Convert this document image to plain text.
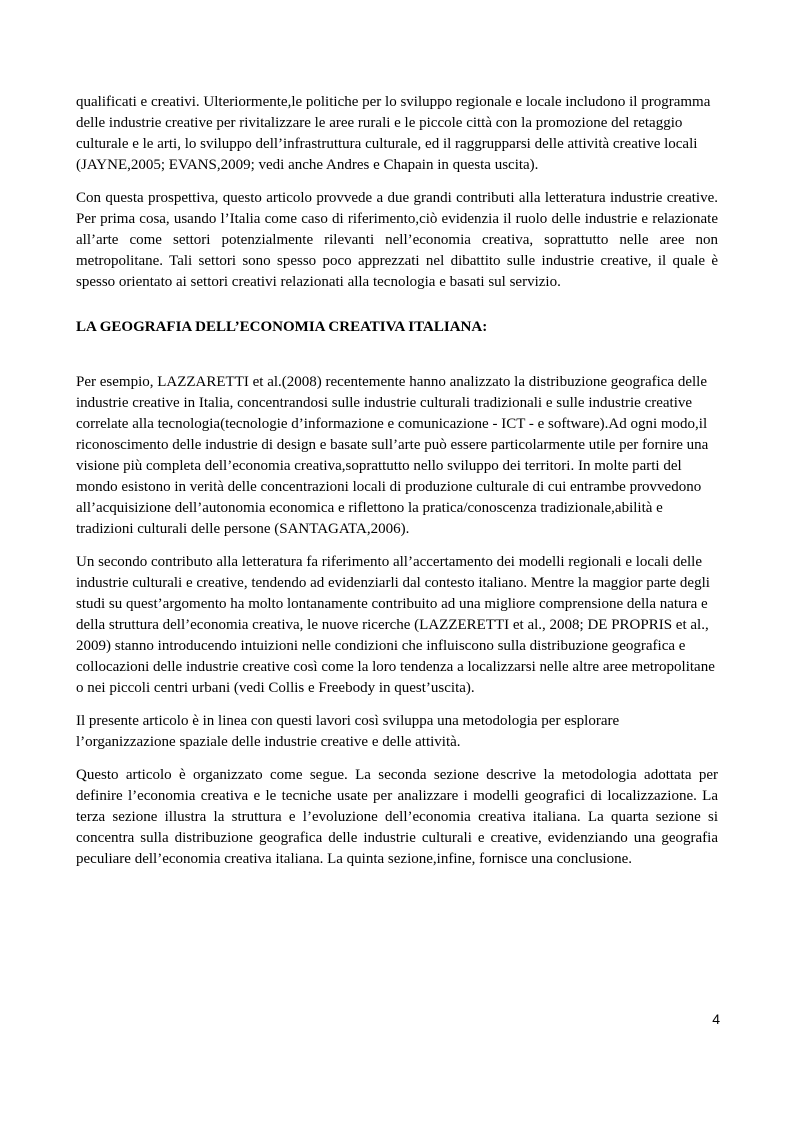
qualificati e creativi. Ulteriormente,le politiche per lo sviluppo regionale e locale includono il programma delle industrie creative per rivitalizzare le aree rurali e le piccole città con la promozione del retaggio culturale e le arti, lo sviluppo dell’infrastruttura culturale, ed il raggrupparsi delle attività creative locali (JAYNE,2005; EVANS,2009; vedi anche Andres e Chapain in questa uscita).

Con questa prospettiva, questo articolo provvede a due grandi contributi alla letteratura industrie creative. Per prima cosa, usando l’Italia come caso di riferimento,ciò evidenzia il ruolo delle industrie e relazionate all’arte come settori potenzialmente rilevanti nell’economia creativa, soprattutto nelle aree non metropolitane. Tali settori sono spesso poco apprezzati nel dibattito sulle industrie creative, il quale è spesso orientato ai settori creativi relazionati alla tecnologia e basati sul servizio.

LA GEOGRAFIA DELL’ECONOMIA CREATIVA ITALIANA:

Per esempio, LAZZARETTI et al.(2008) recentemente hanno analizzato la distribuzione geografica delle industrie creative in Italia, concentrandosi sulle industrie culturali tradizionali e sulle industrie creative correlate alla tecnologia(tecnologie d’informazione e comunicazione - ICT - e software).Ad ogni modo,il riconoscimento delle industrie di design e basate sull’arte può essere particolarmente utile per fornire una visione più completa dell’economia creativa,soprattutto nello sviluppo dei territori. In molte parti del mondo esistono in verità delle concentrazioni locali di produzione culturale di cui entrambe provvedono all’acquisizione dell’autonomia economica e riflettono la pratica/conoscenza tradizionale,abilità e tradizioni culturali delle persone (SANTAGATA,2006).

Un secondo contributo alla letteratura fa riferimento all’accertamento dei modelli regionali e locali delle industrie culturali e creative, tendendo ad evidenziarli dal contesto italiano. Mentre la maggior parte degli studi su quest’argomento ha molto lontanamente contribuito ad una migliore comprensione della natura e della struttura dell’economia creativa, le nuove ricerche (LAZZERETTI et al., 2008; DE PROPRIS et al., 2009) stanno introducendo intuizioni nelle condizioni che influiscono sulla distribuzione geografica e collocazioni delle industrie creative così come la loro tendenza a localizzarsi nelle altre aree metropolitane o nei piccoli centri urbani (vedi Collis e Freebody in quest’uscita).

Il presente articolo è in linea con questi lavori così sviluppa una metodologia per esplorare l’organizzazione spaziale delle industrie creative e delle attività.

Questo articolo è organizzato come segue. La seconda sezione descrive la metodologia adottata per definire l’economia creativa e le tecniche usate per analizzare i modelli geografici di localizzazione. La terza sezione illustra la struttura e l’evoluzione dell’economia creativa italiana. La quarta sezione si concentra sulla distribuzione geografica delle industrie culturali e creative, evidenziando una geografia peculiare dell’economia creativa italiana. La quinta sezione,infine, fornisce una conclusione.

4
